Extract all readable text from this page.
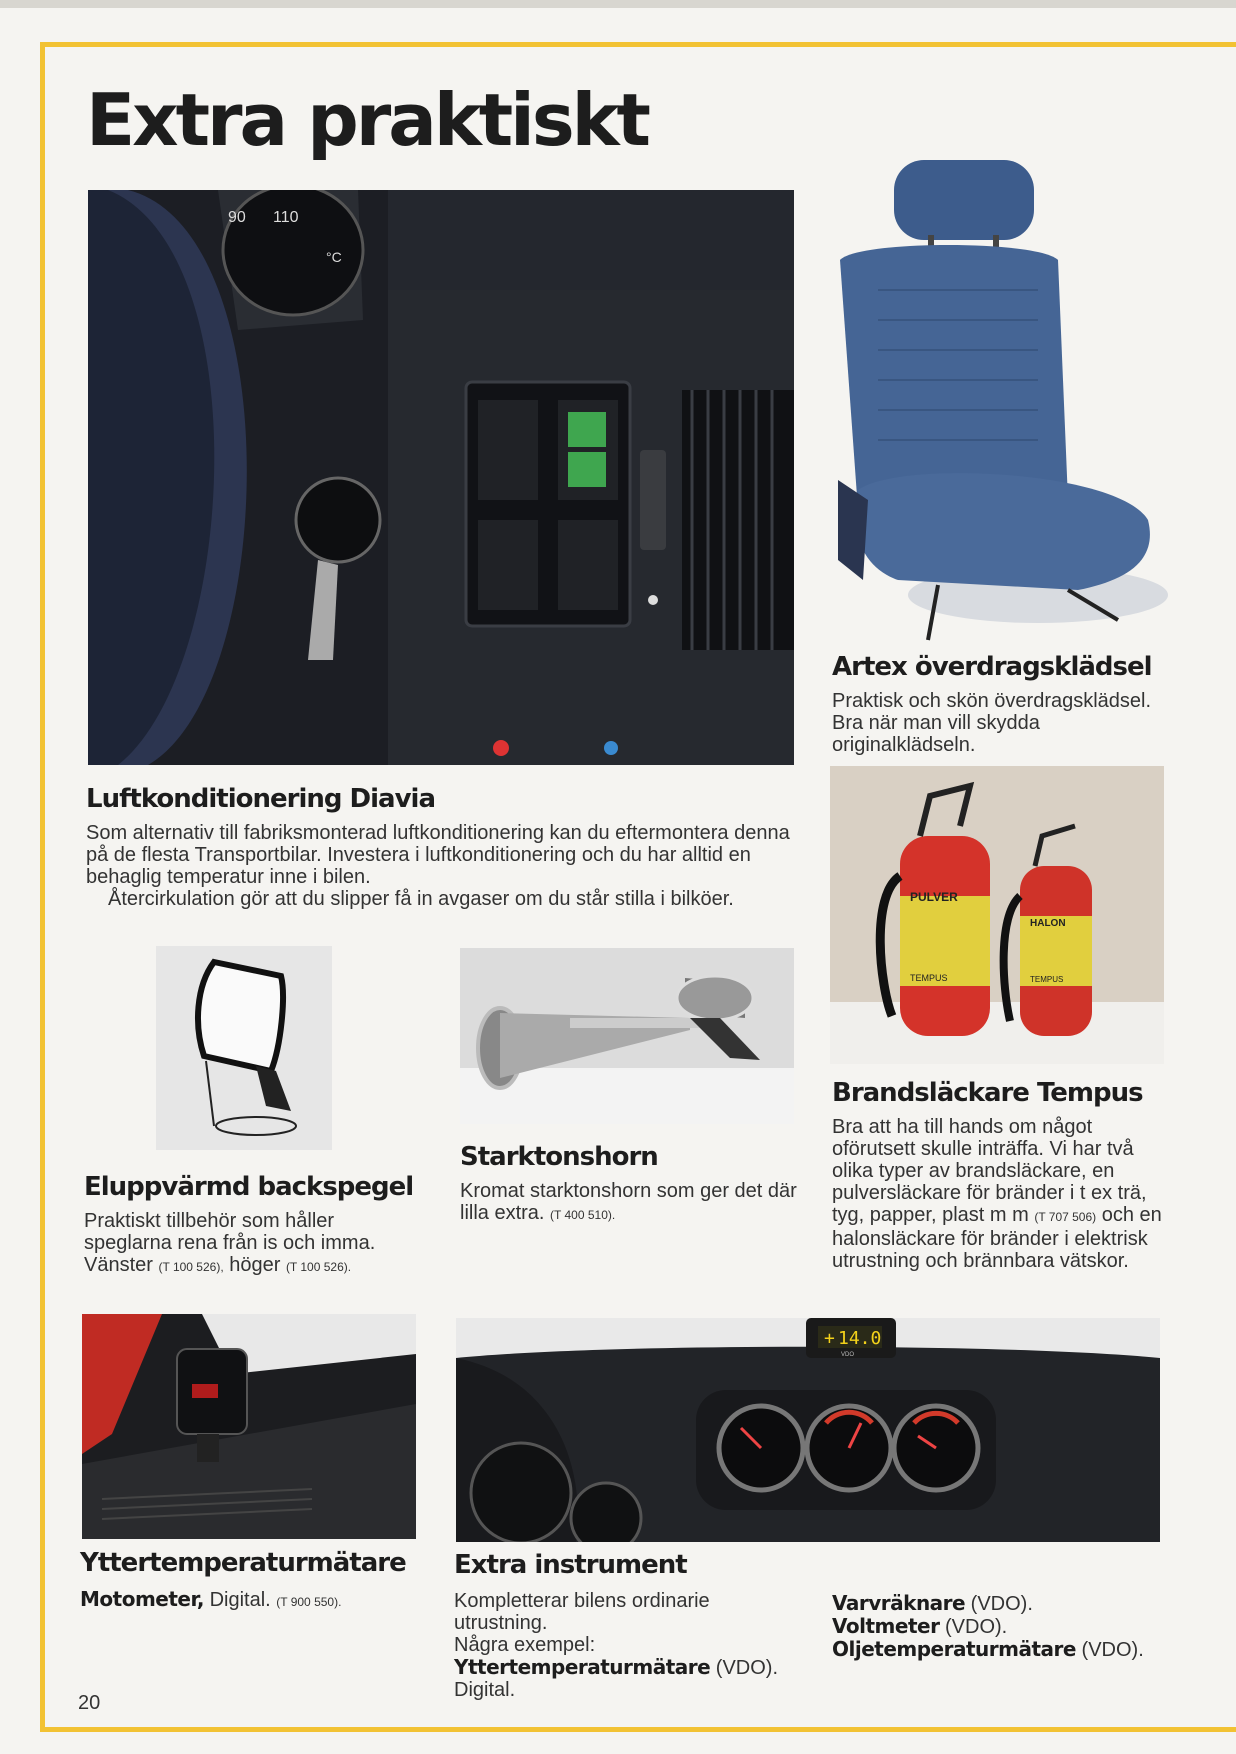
Extra praktiskt
90 110
°C
Artex överdragsklädsel

Praktisk och skön överdragsklädsel. Bra när man vill skydda originalklädseln.

Luftkonditionering Diavia

Som alternativ till fabriksmonterad luftkonditionering kan du eftermontera denna på de flesta Transportbilar. Investera i luftkonditionering och du har alltid en behaglig temperatur inne i bilen.

Återcirkulation gör att du slipper få in avgaser om du står stilla i bilköer.	PULVER
TEMPUS
HALON
TEMPUS
Brandsläckare Tempus

Bra att ha till hands om något oförutsett skulle inträffa. Vi har två olika typer av brandsläckare, en pulversläckare för bränder i t ex trä, tyg, papper, plast m m (T 707 506) och en halonsläckare för bränder i elektrisk utrustning och brännbara vätskor.

Starktonshorn

Kromat starktonshorn som ger det där lilla extra. (T 400 510).

Eluppvärmd backspegel

Praktiskt tillbehör som håller speglarna rena från is och imma. Vänster (T 100 526), höger (T 100 526).

+ 14.0
VDO
Yttertemperaturmätare

Motometer, Digital. (T 900 550).

Extra instrument

Kompletterar bilens ordinarie utrustning.

Några exempel: Yttertemperaturmätare (VDO). Digital.

Varvräknare (VDO).

Voltmeter (VDO).

Oljetemperaturmätare (VDO).

20
